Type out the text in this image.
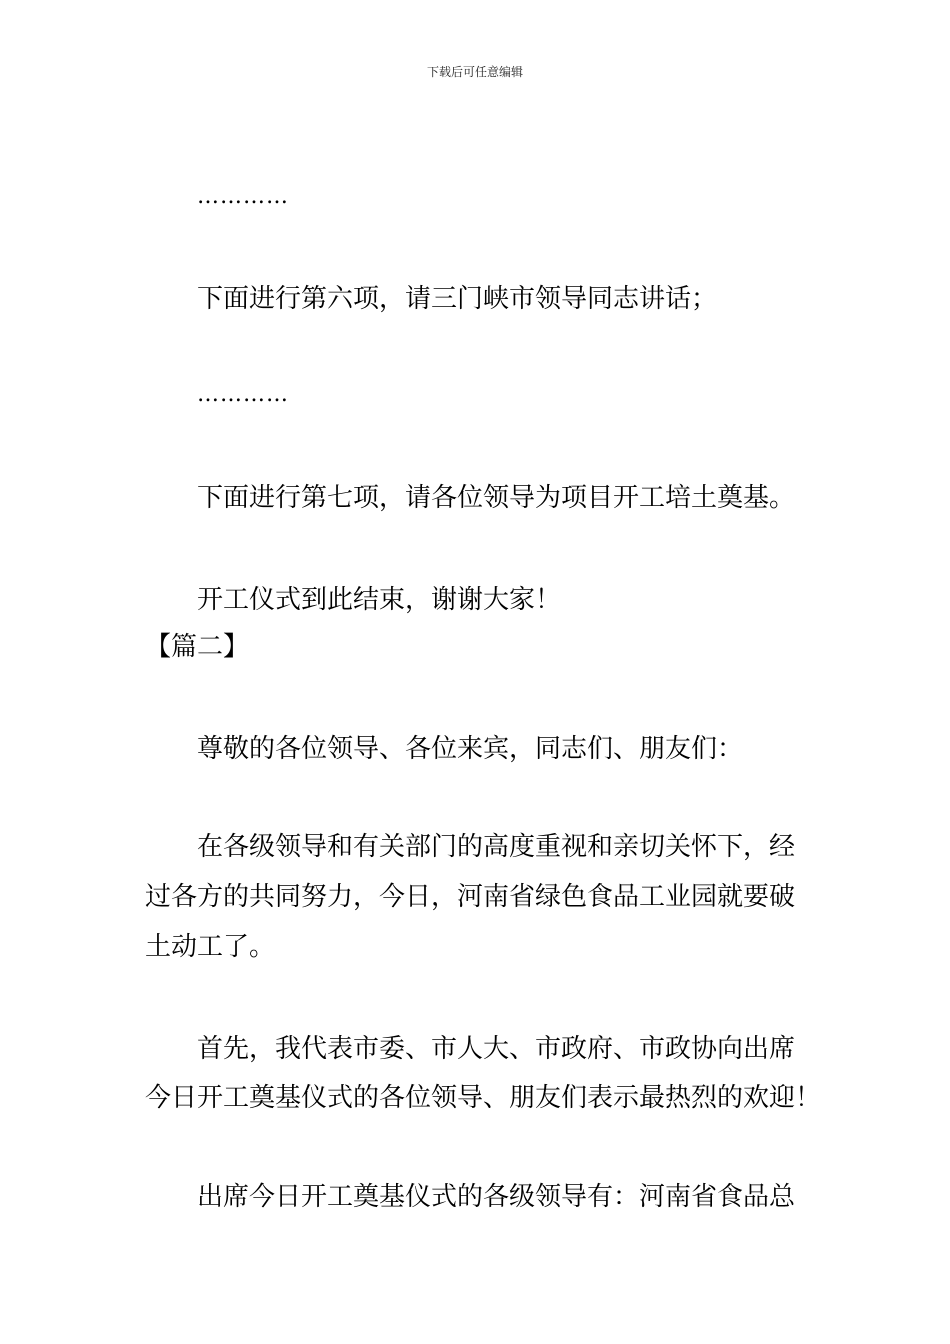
下载后可任意编辑
…………
下面进行第六项，请三门峡市领导同志讲话；
…………
下面进行第七项，请各位领导为项目开工培土奠基。
开工仪式到此结束，谢谢大家！
【篇二】
尊敬的各位领导、各位来宾，同志们、朋友们：
在各级领导和有关部门的高度重视和亲切关怀下，经
过各方的共同努力，今日，河南省绿色食品工业园就要破
土动工了。
首先，我代表市委、市人大、市政府、市政协向出席
今日开工奠基仪式的各位领导、朋友们表示最热烈的欢迎！
出席今日开工奠基仪式的各级领导有：河南省食品总
